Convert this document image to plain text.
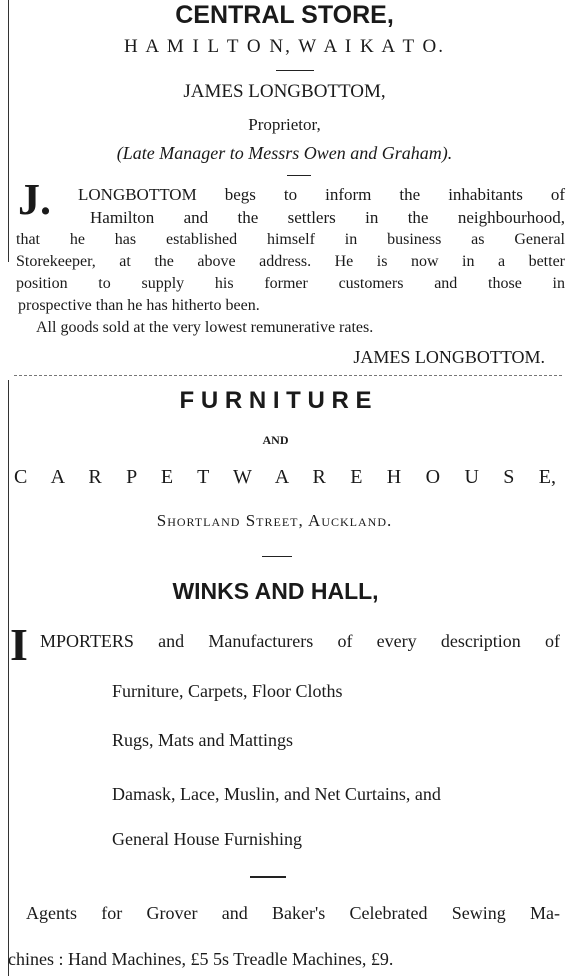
CENTRAL STORE,
H A M I L T O N, W A I K A T O.
JAMES LONGBOTTOM,
Proprietor,
(Late Manager to Messrs Owen and Graham).
J. LONGBOTTOM begs to inform the inhabitants of
Hamilton and the settlers in the neighbourhood,
that he has established himself in business as General
Storekeeper, at the above address. He is now in a better
position to supply his former customers and those in
prospective than he has hitherto been.
All goods sold at the very lowest remunerative rates.
JAMES LONGBOTTOM.
F U R N I T U R E
AND
C A R P E T W A R E H O U S E,
Shortland Street, Auckland.
WINKS AND HALL,
I MPORTERS and Manufacturers of every description of
Furniture, Carpets, Floor Cloths
Rugs, Mats and Mattings
Damask, Lace, Muslin, and Net Curtains, and
General House Furnishing
Agents for Grover and Baker's Celebrated Sewing Ma-
chines : Hand Machines, £5 5s Treadle Machines, £9.
